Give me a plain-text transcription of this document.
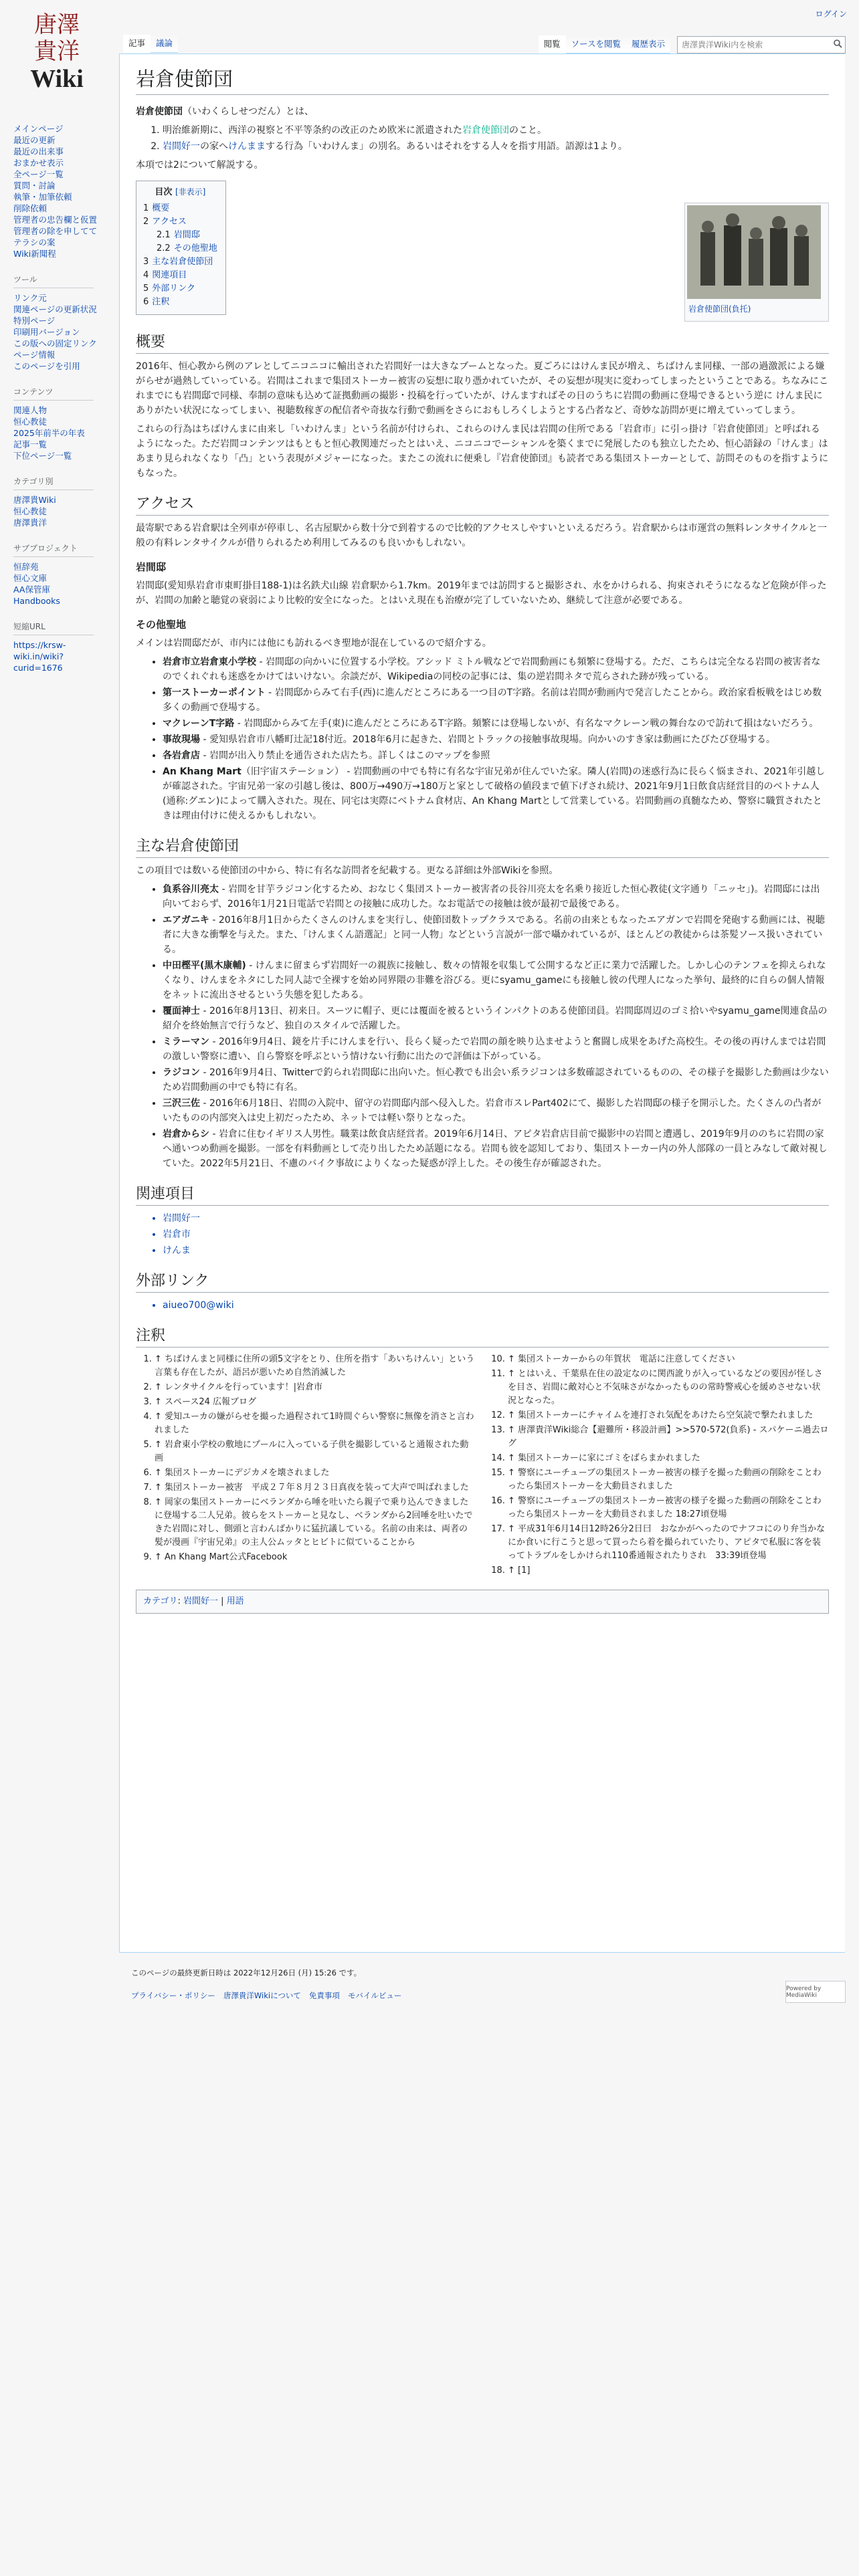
ログイン
唐澤
貴洋
Wiki
メインページ
最近の更新
最近の出来事
おまかせ表示
全ページ一覧
質問・討論
執筆・加筆依頼
削除依頼
管理者の忠告欄と仮置
管理者の除を申してて
テラシの案
Wiki新聞程
ツール
リンク元
関連ページの更新状況
特別ページ
印刷用バージョン
この版への固定リンク
ページ情報
このページを引用
コンテンツ
関連人物
恒心教徒
2025年前半の年表
記事一覧
下位ページ一覧
カテゴリ別
唐澤貴Wiki
恒心教徒
唐澤貴洋
サブプロジェクト
恒辞苑
恒心文庫
AA保管庫
Handbooks
短縮URL
https://krsw-
wiki.in/wiki?
curid=1676
記事	議論	閲覧	ソースを閲覧	履歴表示
唐澤貴洋Wiki内を検索
岩倉使節団
岩倉使節団(負托)

岩倉使節団（いわくらしせつだん）とは、

1. 明治維新期に、西洋の視察と不平等条約の改正のため欧米に派遣された岩倉使節団のこと。
2. 岩間好一の家へけんままする行為「いわけんま」の別名。あるいはそれをする人々を指す用語。語源は1より。

本項では2について解説する。

目次 [非表示]
1 概要
2 アクセス
2.1 岩間邸
2.2 その他聖地
3 主な岩倉使節団
4 関連項目
5 外部リンク
6 注釈
概要

2016年、恒心教から例のアレとしてニコニコに輸出された岩間好一は大きなブームとなった。夏ごろにはけんま民が増え、ちばけんま同様、一部の過激派による嫌がらせが過熱していっている。岩間はこれまで集団ストーカー被害の妄想に取り憑かれていたが、その妄想が現実に変わってしまったということである。ちなみにこれまでにも岩間邸で同様、奉制の意味も込めて証拠動画の撮影・投稿を行っていたが、けんますればその日のうちに岩間の動画に登場できるという逆に けんま民にありがたい状況になってしまい、視聴数稼ぎの配信者や奇抜な行動で動画をさらにおもしろくしようとする凸者など、奇妙な訪問が更に増えていってしまう。

これらの行為はちばけんまに由来し「いわけんま」という名前が付けられ、これらのけんま民は岩間の住所である「岩倉市」に引っ掛け「岩倉使節団」と呼ばれるようになった。ただ岩間コンテンツはもともと恒心教関連だったとはいえ、ニコニコでーシャンルを築くまでに発展したのも独立したため、恒心語録の「けんま」はあまり見られなくなり「凸」という表現がメジャーになった。またこの流れに便乗し『岩倉使節団』も読者である集団ストーカーとして、訪問そのものを指すようにもなった。

アクセス

最寄駅である岩倉駅は全列車が停車し、名古屋駅から数十分で到着するので比較的アクセスしやすいといえるだろう。岩倉駅からは市運営の無料レンタサイクルと一般の有料レンタサイクルが借りられるため利用してみるのも良いかもしれない。

岩間邸

岩間邸(愛知県岩倉市東町掛目188-1)は名鉄犬山線 岩倉駅から1.7km。2019年までは訪問すると撮影され、水をかけられる、拘束されそうになるなど危険が伴ったが、岩間の加齢と聴覚の衰弱により比較的安全になった。とはいえ現在も治療が完了していないため、継続して注意が必要である。

その他聖地

メインは岩間邸だが、市内には他にも訪れるべき聖地が混在しているので紹介する。

• 岩倉市立岩倉東小学校 - 岩間邸の向かいに位置する小学校。アシッド ミトル戦などで岩間動画にも頻繁に登場する。ただ、こちらは完全なる岩間の被害者なのでくれぐれも迷惑をかけてはいけない。余談だが、Wikipediaの同校の記事には、集の逆岩間ネタで荒らされた跡が残っている。
• 第一ストーカーポイント - 岩間邸からみて右手(西)に進んだところにある一つ目のT字路。名前は岩間が動画内で発言したことから。政治家看板戦をはじめ数多くの動画で登場する。
• マクレーンT字路 - 岩間邸からみて左手(東)に進んだところにあるT字路。頻繁には登場しないが、有名なマクレーン戦の舞台なので訪れて損はないだろう。
• 事故現場 - 愛知県岩倉市八幡町辻記18付近。2018年6月に起きた、岩間とトラックの接触事故現場。向かいのすき家は動画にたびたび登場する。
• 各岩倉店 - 岩間が出入り禁止を通告された店たち。詳しくはこのマップを参照
• An Khang Mart（旧宇宙ステーション） - 岩間動画の中でも特に有名な宇宙兄弟が住んでいた家。隣人(岩間)の迷惑行為に長らく悩まされ、2021年引越しが確認された。宇宙兄弟一家の引越し後は、800万→490万→180万と家として破格の値段まで値下げされ続け、2021年9月1日飲食店経営目的のベトナム人(通称:グエン)によって購入された。現在、同宅は実際にベトナム食材店、An Khang Martとして営業している。岩間動画の真髄なため、警察に職質されたときは理由付けに使えるかもしれない。
主な岩倉使節団

この項目では数いる使節団の中から、特に有名な訪問者を紀載する。更なる詳細は外部Wikiを参照。

• 負系谷川亮太 - 岩間を甘芋ラジコン化するため、おなじく集団ストーカー被害者の長谷川亮太を名乗り接近した恒心教徒(文字通り「ニッセ」)。岩間邸には出向いておらず、2016年1月21日電話で岩間との接触に成功した。なお電話での接触は彼が最初で最後である。
• エアガニキ - 2016年8月1日からたくさんのけんまを実行し、使節団数トップクラスである。名前の由来ともなったエアガンで岩間を発砲する動画には、視聴者に大きな衝撃を与えた。また、「けんまくん語選記」と同一人物」などという言説が一部で囁かれているが、ほとんどの教徒からは茶髪ソース扱いされている。
• 中田樫平(黒木康輔) - けんまに留まらず岩間好一の親族に接触し、数々の情報を収集して公開するなど正に業力で活躍した。しかし心のテンフェを抑えられなくなり、けんまをネタにした同人誌で全裸すを始め同界隈の非難を浴びる。更にsyamu_gameにも接触し彼の代理人になった挙句、最終的に自らの個人情報をネットに流出させるという失態を犯したある。
• 覆面神士 - 2016年8月13日、初来日。スーツに帽子、更には覆面を被るというインパクトのある使節団員。岩間邸周辺のゴミ拾いやsyamu_game関連食品の紹介を終始無言で行うなど、独自のスタイルで活躍した。
• ミラーマン - 2016年9月4日、鏡を片手にけんまを行い、長らく疑ったで岩間の顔を映り込ませようと奮闘し成果をあげた高校生。その後の再けんまでは岩間の激しい警察に遭い、自ら警察を呼ぶという情けない行動に出たので評価は下がっている。
• ラジコン - 2016年9月4日、Twitterで釣られ岩間邸に出向いた。恒心教でも出会い系ラジコンは多数確認されているものの、その様子を撮影した動画は少ないため岩間動画の中でも特に有名。
• 三沢三佐 - 2016年6月18日、岩間の入院中、留守の岩間邸内部へ侵入した。岩倉市スレPart402にて、撮影した岩間邸の様子を開示した。たくさんの凸者がいたものの内部突入は史上初だったため、ネットでは軽い祭りとなった。
• 岩倉からシ - 岩倉に住むイギリス人男性。職業は飲食店経営者。2019年6月14日、アピタ岩倉店目前で撮影中の岩間と遭遇し、2019年9月ののちに岩間の家へ通いつめ動画を撮影。一部を有料動画として売り出したため話題になる。岩間も彼を認知しており、集団ストーカー内の外人部隊の一員とみなして敵対視していた。2022年5月21日、不慮のバイク事故によりくなった疑惑が浮上した。その後生存が確認された。
関連項目
• 岩間好一
• 岩倉市
• けんま
外部リンク
• aiueo700@wiki
注釈
1. ↑ ちばけんまと同様に住所の頭5文字をとり、住所を指す「あいちけんい」という言葉も存在したが、語呂が悪いため自然消滅した
2. ↑ レンタサイクルを行っています！|岩倉市
3. ↑ スペース24 広報ブログ
4. ↑ 愛知ユーカの嫌がらせを撮った過程されて1時間ぐらい警察に無像を消さと言われました
5. ↑ 岩倉東小学校の敷地にプールに入っている子供を撮影していると通報された動画
6. ↑ 集団ストーカーにデジカメを壊されました
7. ↑ 集団ストーカー被害　平成２７年８月２３日真夜を装って大声で叫ばれました
8. ↑ 岡家の集団ストーカーにベランダから唾を吐いたら親子で乗り込んできました に登場する二人兄弟。彼らをストーカーと見なし、ベランダから2回唾を吐いたできた岩間に対し、側頭と言わんばかりに猛抗議している。名前の由来は、両者の髪が漫画『宇宙兄弟』の主人公ムッタとヒビトに似ていることから
9. ↑ An Khang Mart公式Facebook
10. ↑ 集団ストーカーからの年賀状　電話に注意してください
11. ↑ とはいえ、千葉県在住の設定なのに関西訛りが入っているなどの要因が怪しさを目さ、岩間に敵対心と不気味さがなかったものの常時警戒心を緩めさせない状況となった。
12. ↑ 集団ストーカーにチャイムを連打され気配をあけたら空気読で撃たれました
13. ↑ 唐澤貴洋Wiki総合【避難所・移設計画】>>570-572(負系) - スパケーニ過去ログ
14. ↑ 集団ストーカーに家にゴミをばらまかれました
15. ↑ 警察にユーチューブの集団ストーカー被害の様子を撮った動画の削除をことわったら集団ストーカーを大動員されました
16. ↑ 警察にユーチューブの集団ストーカー被害の様子を撮った動画の削除をことわったら集団ストーカーを大動員されました 18:27頃登場
17. ↑ 平成31年6月14日12時26分2日曰　おなかがへったのでナフコにのり弁当かなにか食いに行こうと思って買ったら着を撮られていたり、アピタで私服に客を装ってトラブルをしかけられ110番通報されたりされ　33:39頃登場
18. ↑ [1]
カテゴリ: 岩間好一 | 用語
このページの最終更新日時は 2022年12月26日 (月) 15:26 です。
プライバシー・ポリシー 唐澤貴洋Wikiについて 免責事項 モバイルビュー
Powered by MediaWiki
